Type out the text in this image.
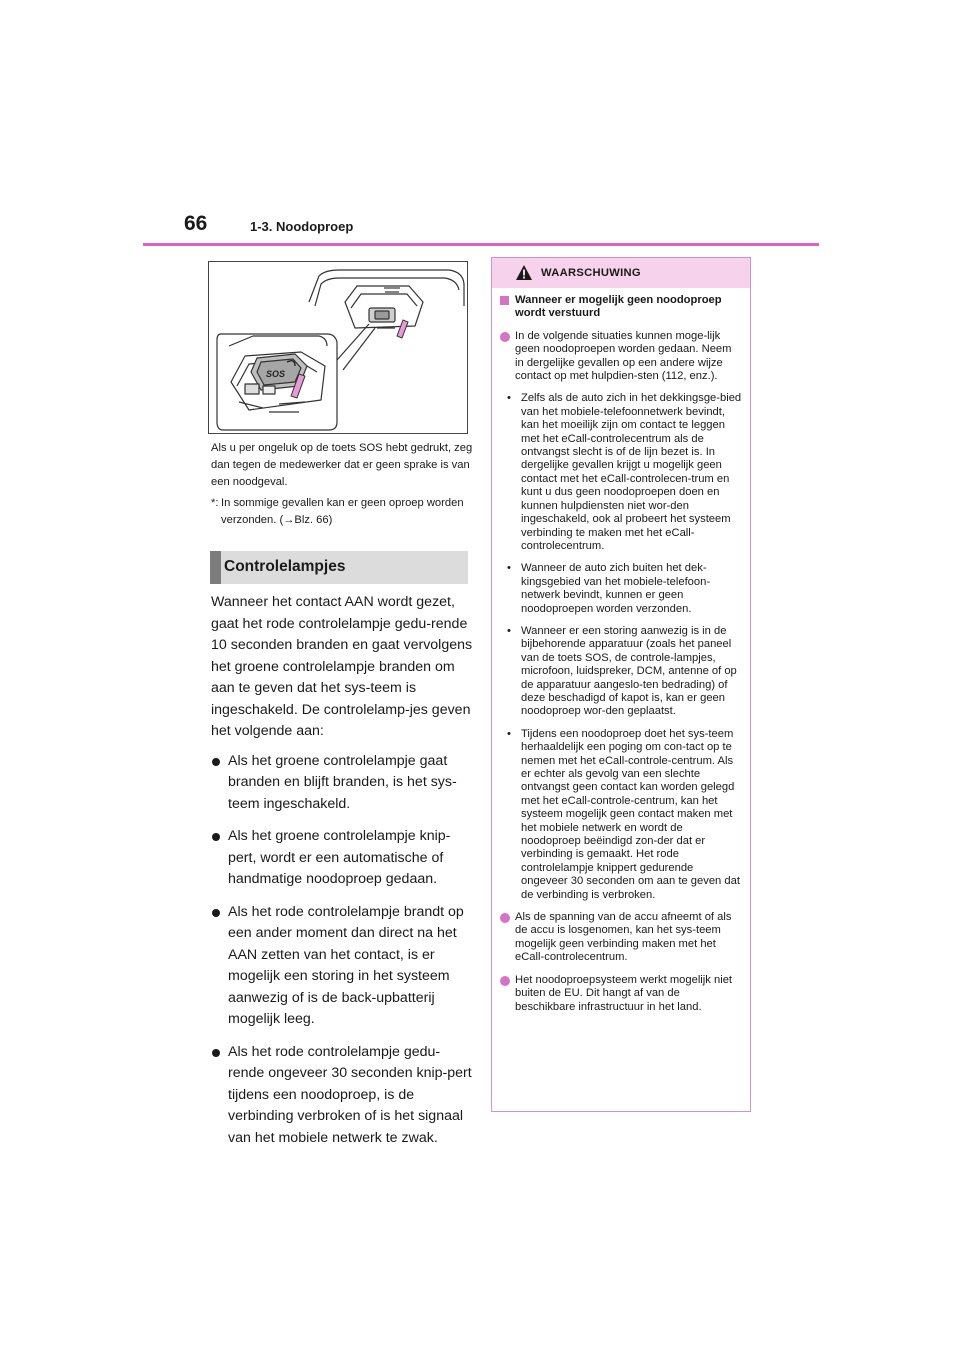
66	1-3. Noodoproep
SOS
Als u per ongeluk op de toets SOS hebt gedrukt, zeg dan tegen de medewerker dat er geen sprake is van een noodgeval.
*: In sommige gevallen kan er geen oproep worden verzonden. (→Blz. 66)
Controlelampjes

Wanneer het contact AAN wordt gezet, gaat het rode controlelampje gedu-rende 10 seconden branden en gaat vervolgens het groene controlelampje branden om aan te geven dat het sys-teem is ingeschakeld. De controlelamp-jes geven het volgende aan:

Als het groene controlelampje gaat branden en blijft branden, is het sys-teem ingeschakeld.
Als het groene controlelampje knip-pert, wordt er een automatische of handmatige noodoproep gedaan.
Als het rode controlelampje brandt op een ander moment dan direct na het AAN zetten van het contact, is er mogelijk een storing in het systeem aanwezig of is de back-upbatterij mogelijk leeg.
Als het rode controlelampje gedu-rende ongeveer 30 seconden knip-pert tijdens een noodoproep, is de verbinding verbroken of is het signaal van het mobiele netwerk te zwak.
WAARSCHUWING
Wanneer er mogelijk geen noodoproep wordt verstuurd
In de volgende situaties kunnen moge-lijk geen noodoproepen worden gedaan. Neem in dergelijke gevallen op een andere wijze contact op met hulpdien-sten (112, enz.).
• Zelfs als de auto zich in het dekkingsge-bied van het mobiele-telefoonnetwerk bevindt, kan het moeilijk zijn om contact te leggen met het eCall-controlecentrum als de ontvangst slecht is of de lijn bezet is. In dergelijke gevallen krijgt u mogelijk geen contact met het eCall-controlecen-trum en kunt u dus geen noodoproepen doen en kunnen hulpdiensten niet wor-den ingeschakeld, ook al probeert het systeem verbinding te maken met het eCall-controlecentrum.
• Wanneer de auto zich buiten het dek-kingsgebied van het mobiele-telefoon-netwerk bevindt, kunnen er geen noodoproepen worden verzonden.
• Wanneer er een storing aanwezig is in de bijbehorende apparatuur (zoals het paneel van de toets SOS, de controle-lampjes, microfoon, luidspreker, DCM, antenne of op de apparatuur aangeslo-ten bedrading) of deze beschadigd of kapot is, kan er geen noodoproep wor-den geplaatst.
• Tijdens een noodoproep doet het sys-teem herhaaldelijk een poging om con-tact op te nemen met het eCall-controle-centrum. Als er echter als gevolg van een slechte ontvangst geen contact kan worden gelegd met het eCall-controle-centrum, kan het systeem mogelijk geen contact maken met het mobiele netwerk en wordt de noodoproep beëindigd zon-der dat er verbinding is gemaakt. Het rode controlelampje knippert gedurende ongeveer 30 seconden om aan te geven dat de verbinding is verbroken.
Als de spanning van de accu afneemt of als de accu is losgenomen, kan het sys-teem mogelijk geen verbinding maken met het eCall-controlecentrum.
Het noodoproepsysteem werkt mogelijk niet buiten de EU. Dit hangt af van de beschikbare infrastructuur in het land.
